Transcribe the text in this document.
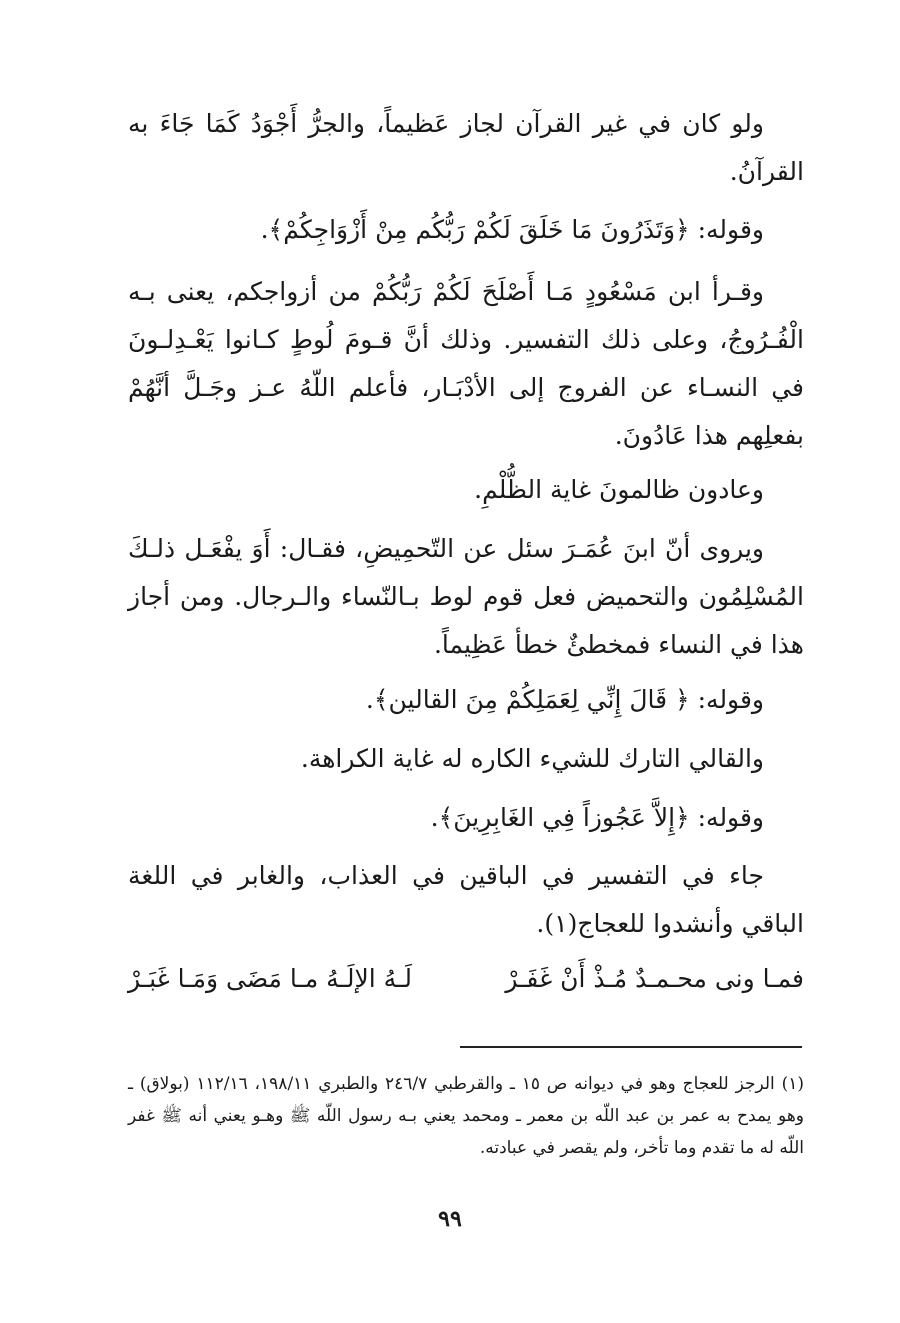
ولو كان في غير القرآن لجاز عَظيماً، والجرُّ أَجْوَدُ كَمَا جَاءَ به القرآنُ.

وقوله: ﴿وَتَذَرُونَ مَا خَلَقَ لَكُمْ رَبُّكُم مِنْ أَزْوَاجِكُمْ﴾.

وقـرأ ابن مَسْعُودٍ مَـا أَصْلَحَ لَكُمْ رَبُّكُمْ من أزواجكم، يعنى بـه الْفُـرُوجُ، وعلى ذلك التفسير. وذلك أنَّ قـومَ لُوطٍ كـانوا يَعْـدِلـونَ في النسـاء عن الفروج إلى الأدْبَـار، فأعلم اللّهُ عـز وجَـلَّ أنَّهُمْ بفعلِهم هذا عَادُونَ.

وعادون ظالمونَ غاية الظُّلْمِ.

ويروى أنّ ابنَ عُمَـرَ سئل عن التّحمِيضِ، فقـال: أَوَ يفْعَـل ذلـكَ المُسْلِمُون والتحميض فعل قوم لوط بـالنّساء والـرجال. ومن أجاز هذا في النساء فمخطئٌ خطأ عَظِيماً.

وقوله: ﴿ قَالَ إِنِّي لِعَمَلِكُمْ مِنَ القالين﴾.

والقالي التارك للشيء الكاره له غاية الكراهة.

وقوله: ﴿إِلاَّ عَجُوزاً فِي الغَابِرِينَ﴾.

جاء في التفسير في الباقين في العذاب، والغابر في اللغة الباقي وأنشدوا للعجاج(١).

فمـا ونى محـمـدٌ مُـذْ أَنْ غَفَـرْ
لَـهُ الإلَـهُ مـا مَضَى وَمَـا غَبَـرْ

(١) الرجز للعجاج وهو في ديوانه ص ١٥ ـ والقرطبي ٢٤٦/٧ والطبري ١٩٨/١١، ١١٢/١٦ (بولاق) ـ وهو يمدح به عمر بن عبد اللّه بن معمر ـ ومحمد يعني بـه رسول اللّه ﷺ وهـو يعني أنه ﷺ غفر اللّه له ما تقدم وما تأخر، ولم يقصر في عبادته.

٩٩
